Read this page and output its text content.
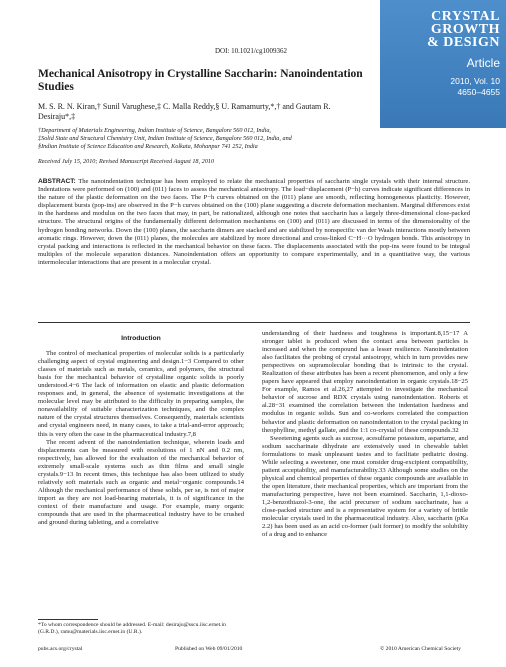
DOI: 10.1021/cg1009362
CRYSTAL
GROWTH
& DESIGN
Article
2010, Vol. 10
4650–4655
Mechanical Anisotropy in Crystalline Saccharin: Nanoindentation Studies
M. S. R. N. Kiran,† Sunil Varughese,‡ C. Malla Reddy,§ U. Ramamurty,*,† and Gautam R. Desiraju*,‡
†Department of Materials Engineering, Indian Institute of Science, Bangalore 560 012, India,
‡Solid State and Structural Chemistry Unit, Indian Institute of Science, Bangalore 560 012, India, and
§Indian Institute of Science Education and Research, Kolkata, Mohanpur 741 252, India
Received July 15, 2010; Revised Manuscript Received August 18, 2010
ABSTRACT: The nanoindentation technique has been employed to relate the mechanical properties of saccharin single crystals with their internal structure. Indentations were performed on (100) and (011) faces to assess the mechanical anisotropy. The load−displacement (P−h) curves indicate significant differences in the nature of the plastic deformation on the two faces. The P−h curves obtained on the (011) plane are smooth, reflecting homogeneous plasticity. However, displacement bursts (pop-ins) are observed in the P−h curves obtained on the (100) plane suggesting a discrete deformation mechanism. Marginal differences exist in the hardness and modulus on the two faces that may, in part, be rationalized, although one notes that saccharin has a largely three-dimensional close-packed structure. The structural origins of the fundamentally different deformation mechanisms on (100) and (011) are discussed in terms of the dimensionality of the hydrogen bonding networks. Down the (100) planes, the saccharin dimers are stacked and are stabilized by nonspecific van der Waals interactions mostly between aromatic rings. However, down the (011) planes, the molecules are stabilized by more directional and cross-linked C−H···O hydrogen bonds. This anisotropy in crystal packing and interactions is reflected in the mechanical behavior on these faces. The displacements associated with the pop-ins were found to be integral multiples of the molecule separation distances. Nanoindentation offers an opportunity to compare experimentally, and in a quantitative way, the various intermolecular interactions that are present in a molecular crystal.
Introduction

The control of mechanical properties of molecular solids is a particularly challenging aspect of crystal engineering and design.1−3 Compared to other classes of materials such as metals, ceramics, and polymers, the structural basis for the mechanical behavior of crystalline organic solids is poorly understood.4−6 The lack of information on elastic and plastic deformation responses and, in general, the absence of systematic investigations at the molecular level may be attributed to the difficulty in preparing samples, the nonavailability of suitable characterization techniques, and the complex nature of the crystal structures themselves. Consequently, materials scientists and crystal engineers need, in many cases, to take a trial-and-error approach; this is very often the case in the pharmaceutical industry.7,8

The recent advent of the nanoindentation technique, wherein loads and displacements can be measured with resolutions of 1 nN and 0.2 nm, respectively, has allowed for the evaluation of the mechanical behavior of extremely small-scale systems such as thin films and small single crystals.9−13 In recent times, this technique has also been utilized to study relatively soft materials such as organic and metal−organic compounds.14 Although the mechanical performance of these solids, per se, is not of major import as they are not load-bearing materials, it is of significance in the context of their manufacture and usage. For example, many organic compounds that are used in the pharmaceutical industry have to be crushed and ground during tableting, and a correlative

understanding of their hardness and toughness is important.8,15−17 A stronger tablet is produced when the contact area between particles is increased and when the compound has a lesser resilience. Nanoindentation also facilitates the probing of crystal anisotropy, which in turn provides new perspectives on supramolecular bonding that is intrinsic to the crystal. Realization of these attributes has been a recent phenomenon, and only a few papers have appeared that employ nanoindentation in organic crystals.18−25 For example, Ramos et al.26,27 attempted to investigate the mechanical behavior of sucrose and RDX crystals using nanoindentation. Roberts et al.28−31 examined the correlation between the indentation hardness and modulus in organic solids. Sun and co-workers correlated the compaction behavior and plastic deformation on nanoindentation to the crystal packing in theophylline, methyl gallate, and the 1:1 co-crystal of these compounds.32

Sweetening agents such as sucrose, acesulfame potassium, aspartame, and sodium saccharinate dihydrate are extensively used in chewable tablet formulations to mask unpleasant tastes and to facilitate pediatric dosing. While selecting a sweetener, one must consider drug-excipient compatibility, patient acceptability, and manufacturability.33 Although some studies on the physical and chemical properties of these organic compounds are available in the open literature, their mechanical properties, which are important from the manufacturing perspective, have not been examined. Saccharin, 1,1-dioxo-1,2-benzothiazol-3-one, the acid precursor of sodium saccharinate, has a close-packed structure and is a representative system for a variety of brittle molecular crystals used in the pharmaceutical industry. Also, saccharin (pKa 2.2) has been used as an acid co-former (salt former) to modify the solubility of a drug and to enhance

*To whom correspondence should be addressed. E-mail: desiraju@sscu.iisc.ernet.in (G.R.D.), ramu@materials.iisc.ernet.in (U.R.).
pubs.acs.org/crystal	Published on Web 09/01/2010	© 2010 American Chemical Society
